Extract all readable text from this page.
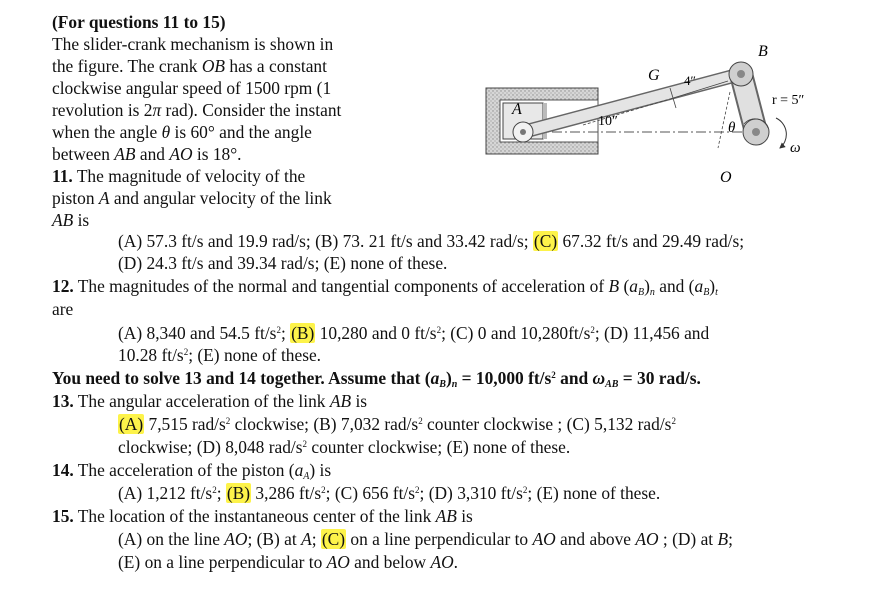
(For questions 11 to 15)
The slider-crank mechanism is shown in
the figure. The crank OB has a constant
clockwise angular speed of 1500 rpm (1
revolution is 2π rad). Consider the instant
when the angle θ is 60° and the angle
between AB and AO is 18°.
11. The magnitude of velocity of the
piston A and angular velocity of the link
AB is
(A) 57.3 ft/s and 19.9 rad/s; (B) 73. 21 ft/s and 33.42 rad/s; (C) 67.32 ft/s and 29.49 rad/s;
(D) 24.3 ft/s and 39.34 rad/s; (E) none of these.
12. The magnitudes of the normal and tangential components of acceleration of B $(a_B)_n$ and $(a_B)_t$
are
(A) 8,340 and 54.5 $ft/s^2$; (B) 10,280 and 0 $ft/s^2$; (C) 0 and $10,280ft/s^2$; (D) 11,456 and
10.28 $ft/s^2$; (E) none of these.
You need to solve 13 and 14 together. Assume that $(a_B)_n = 10,000$ $ft/s^2$ and $\omega_{AB} = 30$ rad/s.
13. The angular acceleration of the link AB is
(A) 7,515 rad/$s^2$ clockwise; (B) 7,032 rad/$s^2$ counter clockwise ; (C) 5,132 rad/$s^2$
clockwise; (D) 8,048 rad/$s^2$ counter clockwise; (E) none of these.
14. The acceleration of the piston $(a_A)$ is
(A) 1,212 $ft/s^2$; (B) 3,286 $ft/s^2$; (C) 656 $ft/s^2$; (D) 3,310 $ft/s^2$; (E) none of these.
15. The location of the instantaneous center of the link AB is
(A) on the line AO; (B) at A; (C) on a line perpendicular to AO and above AO ; (D) at B;
(E) on a line perpendicular to AO and below AO.
A
B
G
O
θ
ω
10″
4″
r = 5″
